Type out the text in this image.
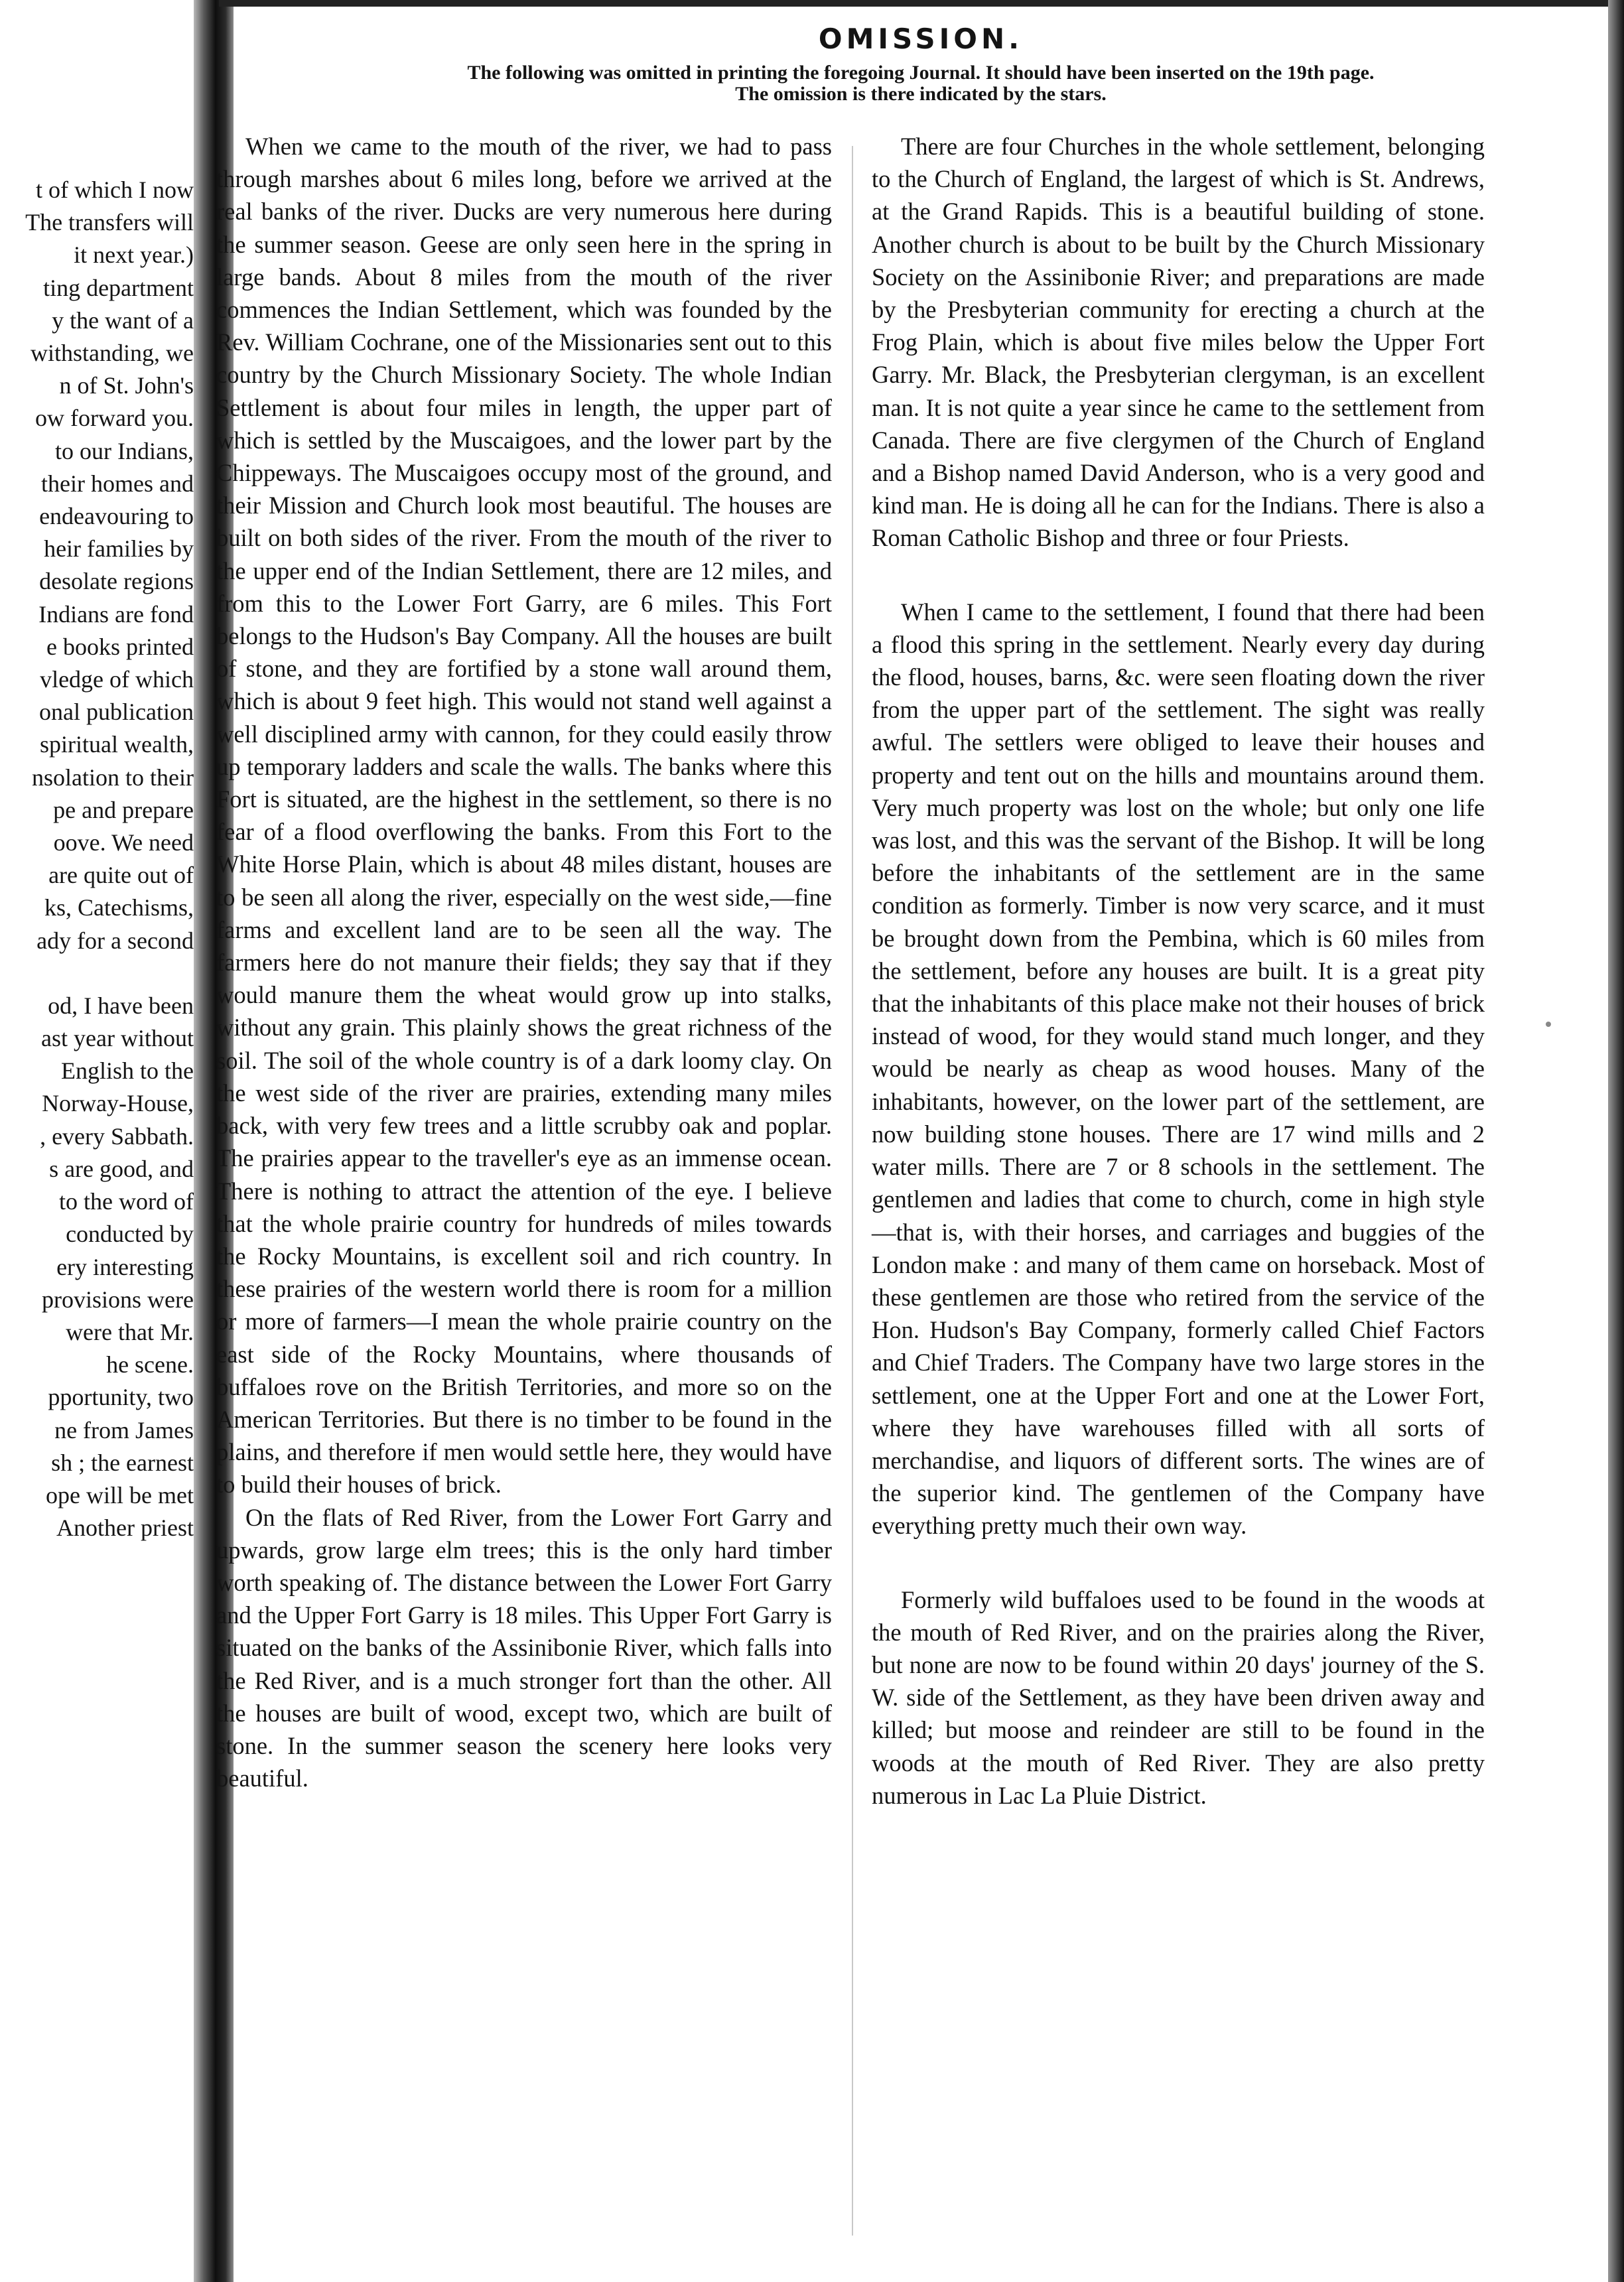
t of which I now
The transfers will
it next year.)
ting department
y the want of a
withstanding, we
n of St. John's
ow forward you.
to our Indians,
their homes and
endeavouring to
heir families by
desolate regions
Indians are fond
e books printed
vledge of which
onal publication
spiritual wealth,
nsolation to their
pe and prepare
oove. We need
are quite out of
ks, Catechisms,
ady for a second
od, I have been
ast year without
English to the
Norway-House,
, every Sabbath.
s are good, and
to the word of
conducted by
ery interesting
provisions were
were that Mr.
he scene.
pportunity, two
ne from James
sh ; the earnest
ope will be met
Another priest
OMISSION.
The following was omitted in printing the foregoing Journal. It should have been inserted on the 19th page.
The omission is there indicated by the stars.

When we came to the mouth of the river, we had to pass through marshes about 6 miles long, before we arrived at the real banks of the river. Ducks are very numerous here during the summer season. Geese are only seen here in the spring in large bands. About 8 miles from the mouth of the river commences the Indian Settlement, which was founded by the Rev. William Cochrane, one of the Missionaries sent out to this country by the Church Missionary Society. The whole Indian Settlement is about four miles in length, the upper part of which is settled by the Muscaigoes, and the lower part by the Chippeways. The Muscaigoes occupy most of the ground, and their Mission and Church look most beautiful. The houses are built on both sides of the river. From the mouth of the river to the upper end of the Indian Settlement, there are 12 miles, and from this to the Lower Fort Garry, are 6 miles. This Fort belongs to the Hudson's Bay Company. All the houses are built of stone, and they are fortified by a stone wall around them, which is about 9 feet high. This would not stand well against a well disciplined army with cannon, for they could easily throw up temporary ladders and scale the walls. The banks where this Fort is situated, are the highest in the settlement, so there is no fear of a flood overflowing the banks. From this Fort to the White Horse Plain, which is about 48 miles distant, houses are to be seen all along the river, especially on the west side,—fine farms and excellent land are to be seen all the way. The farmers here do not manure their fields; they say that if they would manure them the wheat would grow up into stalks, without any grain. This plainly shows the great richness of the soil. The soil of the whole country is of a dark loomy clay. On the west side of the river are prairies, extending many miles back, with very few trees and a little scrubby oak and poplar. The prairies appear to the traveller's eye as an immense ocean. There is nothing to attract the attention of the eye. I believe that the whole prairie country for hundreds of miles towards the Rocky Mountains, is excellent soil and rich country. In these prairies of the western world there is room for a million or more of farmers—I mean the whole prairie country on the east side of the Rocky Mountains, where thousands of buffaloes rove on the British Territories, and more so on the American Territories. But there is no timber to be found in the plains, and therefore if men would settle here, they would have to build their houses of brick.

On the flats of Red River, from the Lower Fort Garry and upwards, grow large elm trees; this is the only hard timber worth speaking of. The distance between the Lower Fort Garry and the Upper Fort Garry is 18 miles. This Upper Fort Garry is situated on the banks of the Assinibonie River, which falls into the Red River, and is a much stronger fort than the other. All the houses are built of wood, except two, which are built of stone. In the summer season the scenery here looks very beautiful.

There are four Churches in the whole settlement, belonging to the Church of England, the largest of which is St. Andrews, at the Grand Rapids. This is a beautiful building of stone. Another church is about to be built by the Church Missionary Society on the Assinibonie River; and preparations are made by the Presbyterian community for erecting a church at the Frog Plain, which is about five miles below the Upper Fort Garry. Mr. Black, the Presbyterian clergyman, is an excellent man. It is not quite a year since he came to the settlement from Canada. There are five clergymen of the Church of England and a Bishop named David Anderson, who is a very good and kind man. He is doing all he can for the Indians. There is also a Roman Catholic Bishop and three or four Priests.

When I came to the settlement, I found that there had been a flood this spring in the settlement. Nearly every day during the flood, houses, barns, &c. were seen floating down the river from the upper part of the settlement. The sight was really awful. The settlers were obliged to leave their houses and property and tent out on the hills and mountains around them. Very much property was lost on the whole; but only one life was lost, and this was the servant of the Bishop. It will be long before the inhabitants of the settlement are in the same condition as formerly. Timber is now very scarce, and it must be brought down from the Pembina, which is 60 miles from the settlement, before any houses are built. It is a great pity that the inhabitants of this place make not their houses of brick instead of wood, for they would stand much longer, and they would be nearly as cheap as wood houses. Many of the inhabitants, however, on the lower part of the settlement, are now building stone houses. There are 17 wind mills and 2 water mills. There are 7 or 8 schools in the settlement. The gentlemen and ladies that come to church, come in high style—that is, with their horses, and carriages and buggies of the London make : and many of them came on horseback. Most of these gentlemen are those who retired from the service of the Hon. Hudson's Bay Company, formerly called Chief Factors and Chief Traders. The Company have two large stores in the settlement, one at the Upper Fort and one at the Lower Fort, where they have warehouses filled with all sorts of merchandise, and liquors of different sorts. The wines are of the superior kind. The gentlemen of the Company have everything pretty much their own way.

Formerly wild buffaloes used to be found in the woods at the mouth of Red River, and on the prairies along the River, but none are now to be found within 20 days' journey of the S. W. side of the Settlement, as they have been driven away and killed; but moose and reindeer are still to be found in the woods at the mouth of Red River. They are also pretty numerous in Lac La Pluie District.
